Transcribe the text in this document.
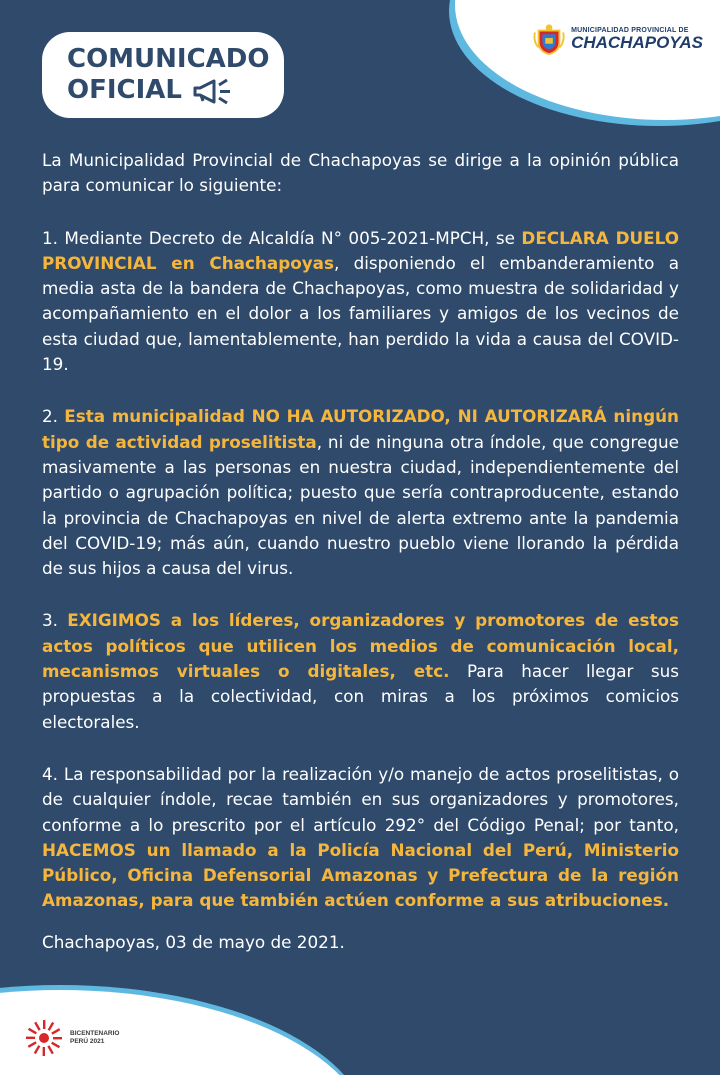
MUNICIPALIDAD PROVINCIAL DE
CHACHAPOYAS
COMUNICADO
OFICIAL

La Municipalidad Provincial de Chachapoyas se dirige a la opinión pública para comunicar lo siguiente:

1. Mediante Decreto de Alcaldía N° 005-2021-MPCH, se DECLARA DUELO PROVINCIAL en Chachapoyas, disponiendo el embanderamiento a media asta de la bandera de Chachapoyas, como muestra de solidaridad y acompañamiento en el dolor a los familiares y amigos de los vecinos de esta ciudad que, lamentablemente, han perdido la vida a causa del COVID-19.

2. Esta municipalidad NO HA AUTORIZADO, NI AUTORIZARÁ ningún tipo de actividad proselitista, ni de ninguna otra índole, que congregue masivamente a las personas en nuestra ciudad, independientemente del partido o agrupación política; puesto que sería contraproducente, estando la provincia de Chachapoyas en nivel de alerta extremo ante la pandemia del COVID-19; más aún, cuando nuestro pueblo viene llorando la pérdida de sus hijos a causa del virus.

3. EXIGIMOS a los líderes, organizadores y promotores de estos actos políticos que utilicen los medios de comunicación local, mecanismos virtuales o digitales, etc. Para hacer llegar sus propuestas a la colectividad, con miras a los próximos comicios electorales.

4. La responsabilidad por la realización y/o manejo de actos proselitistas, o de cualquier índole, recae también en sus organizadores y promotores, conforme a lo prescrito por el artículo 292° del Código Penal; por tanto, HACEMOS un llamado a la Policía Nacional del Perú, Ministerio Público, Oficina Defensorial Amazonas y Prefectura de la región Amazonas, para que también actúen conforme a sus atribuciones.

Chachapoyas, 03 de mayo de 2021.

BICENTENARIO
PERÚ 2021
